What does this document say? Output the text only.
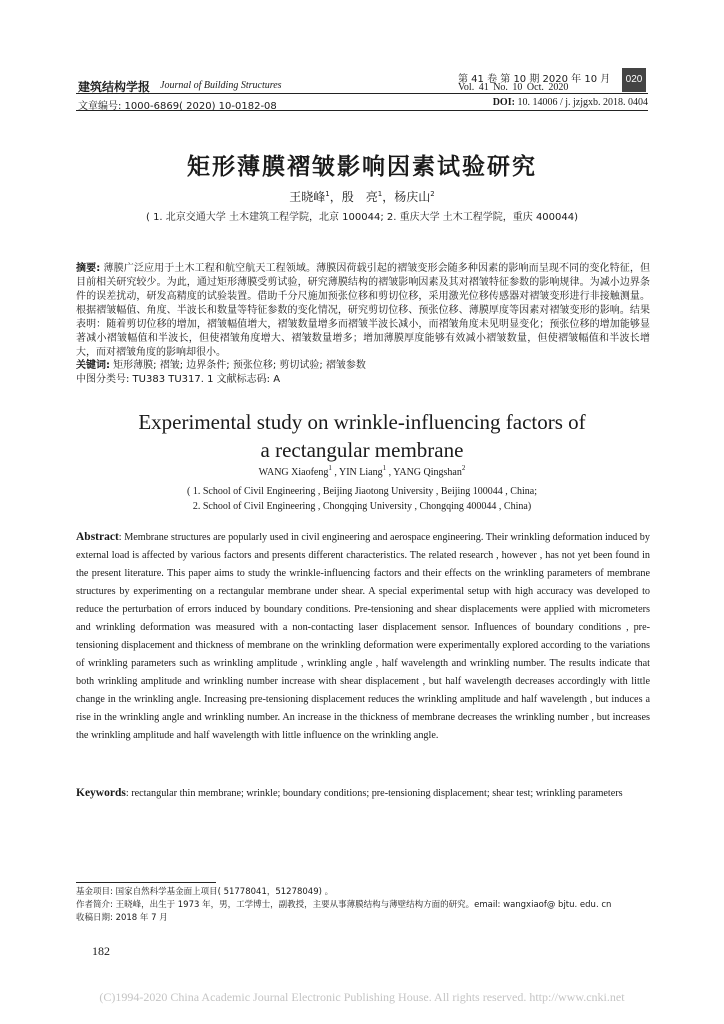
建筑结构学报 Journal of Building Structures
第 41 卷 第 10 期 2020 年 10 月
Vol. 41 No. 10 Oct. 2020
020
文章编号: 1000-6869( 2020) 10-0182-08	DOI: 10. 14006 / j. jzjgxb. 2018. 0404
矩形薄膜褶皱影响因素试验研究
王晓峰$^1$，殷　亮$^1$，杨庆山$^2$
( 1. 北京交通大学 土木建筑工程学院，北京 100044; 2. 重庆大学 土木工程学院，重庆 400044)
摘要: 薄膜广泛应用于土木工程和航空航天工程领域。薄膜因荷载引起的褶皱变形会随多种因素的影响而呈现不同的变化特征，但目前相关研究较少。为此，通过矩形薄膜受剪试验，研究薄膜结构的褶皱影响因素及其对褶皱特征参数的影响规律。为减小边界条件的误差扰动，研发高精度的试验装置。借助千分尺施加预张位移和剪切位移，采用激光位移传感器对褶皱变形进行非接触测量。根据褶皱幅值、角度、半波长和数量等特征参数的变化情况，研究剪切位移、预张位移、薄膜厚度等因素对褶皱变形的影响。结果表明：随着剪切位移的增加，褶皱幅值增大，褶皱数量增多而褶皱半波长减小，而褶皱角度未见明显变化；预张位移的增加能够显著减小褶皱幅值和半波长，但使褶皱角度增大、褶皱数量增多；增加薄膜厚度能够有效减小褶皱数量，但使褶皱幅值和半波长增大，而对褶皱角度的影响却很小。
关键词: 矩形薄膜; 褶皱; 边界条件; 预张位移; 剪切试验; 褶皱参数
中图分类号: TU383 TU317. 1 文献标志码: A
Experimental study on wrinkle-influencing factors of
a rectangular membrane
WANG Xiaofeng$^1$ , YIN Liang$^1$ , YANG Qingshan$^2$
( 1. School of Civil Engineering , Beijing Jiaotong University , Beijing 100044 , China;
2. School of Civil Engineering , Chongqing University , Chongqing 400044 , China)
Abstract: Membrane structures are popularly used in civil engineering and aerospace engineering. Their wrinkling deformation induced by external load is affected by various factors and presents different characteristics. The related research , however , has not yet been found in the present literature. This paper aims to study the wrinkle-influencing factors and their effects on the wrinkling parameters of membrane structures by experimenting on a rectangular membrane under shear. A special experimental setup with high accuracy was developed to reduce the perturbation of errors induced by boundary conditions. Pre-tensioning and shear displacements were applied with micrometers and wrinkling deformation was measured with a non-contacting laser displacement sensor. Influences of boundary conditions , pre-tensioning displacement and thickness of membrane on the wrinkling deformation were experimentally explored according to the variations of wrinkling parameters such as wrinkling amplitude , wrinkling angle , half wavelength and wrinkling number. The results indicate that both wrinkling amplitude and wrinkling number increase with shear displacement , but half wavelength decreases accordingly with little change in the wrinkling angle. Increasing pre-tensioning displacement reduces the wrinkling amplitude and half wavelength , but induces a rise in the wrinkling angle and wrinkling number. An increase in the thickness of membrane decreases the wrinkling number , but increases the wrinkling amplitude and half wavelength with little influence on the wrinkling angle.
Keywords: rectangular thin membrane; wrinkle; boundary conditions; pre-tensioning displacement; shear test; wrinkling parameters
基金项目: 国家自然科学基金面上项目( 51778041，51278049) 。
作者简介: 王晓峰，出生于 1973 年，男，工学博士，副教授，主要从事薄膜结构与薄壁结构方面的研究。email: wangxiaof@ bjtu. edu. cn
收稿日期: 2018 年 7 月
182
(C)1994-2020 China Academic Journal Electronic Publishing House. All rights reserved. http://www.cnki.net
